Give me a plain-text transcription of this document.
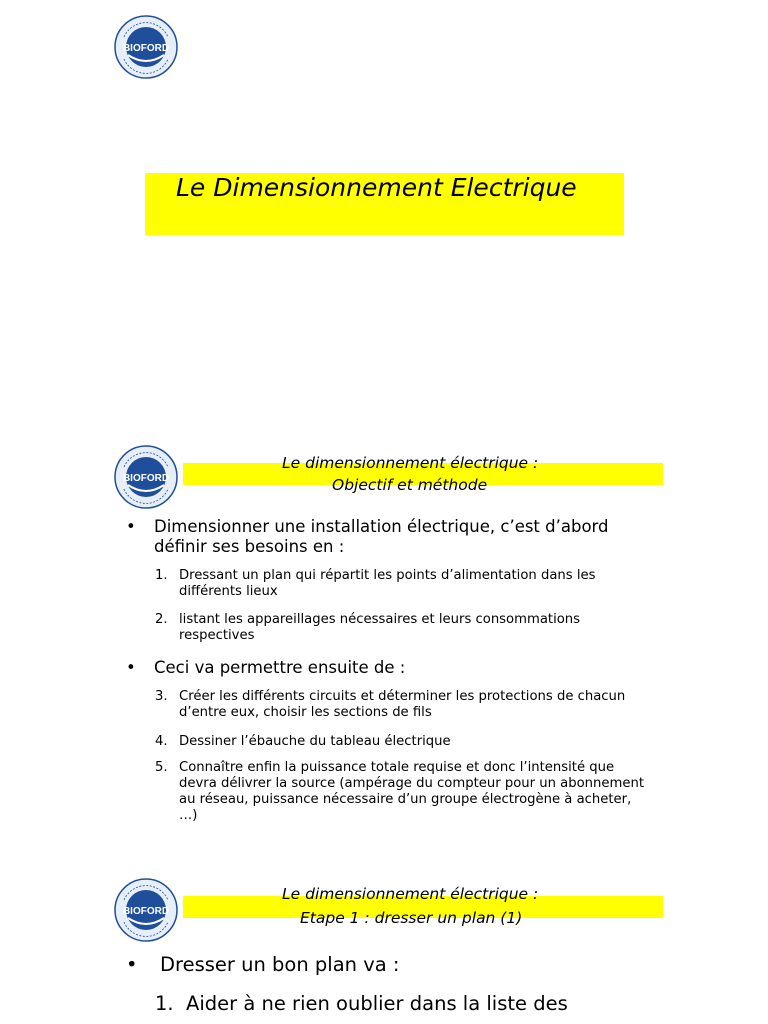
BIOFORD
Le Dimensionnement Electrique
BIOFORD
Le dimensionnement électrique :
Objectif et méthode
•	Dimensionner une installation électrique, c’est d’abord définir ses besoins en :
1. Dressant un plan qui répartit les points d’alimentation dans les différents lieux
2. listant les appareillages nécessaires et leurs consommations respectives
•	Ceci va permettre ensuite de :
3. Créer les différents circuits et déterminer les protections de chacun d’entre eux, choisir les sections de fils
4. Dessiner l’ébauche du tableau électrique
5. Connaître enfin la puissance totale requise et donc l’intensité que devra délivrer la source (ampérage du compteur pour un abonnement au réseau, puissance nécessaire d’un groupe électrogène à acheter, …)
BIOFORD
Le dimensionnement électrique :
Etape 1 : dresser un plan (1)
•	Dresser un bon plan va :
1. Aider à ne rien oublier dans la liste des
